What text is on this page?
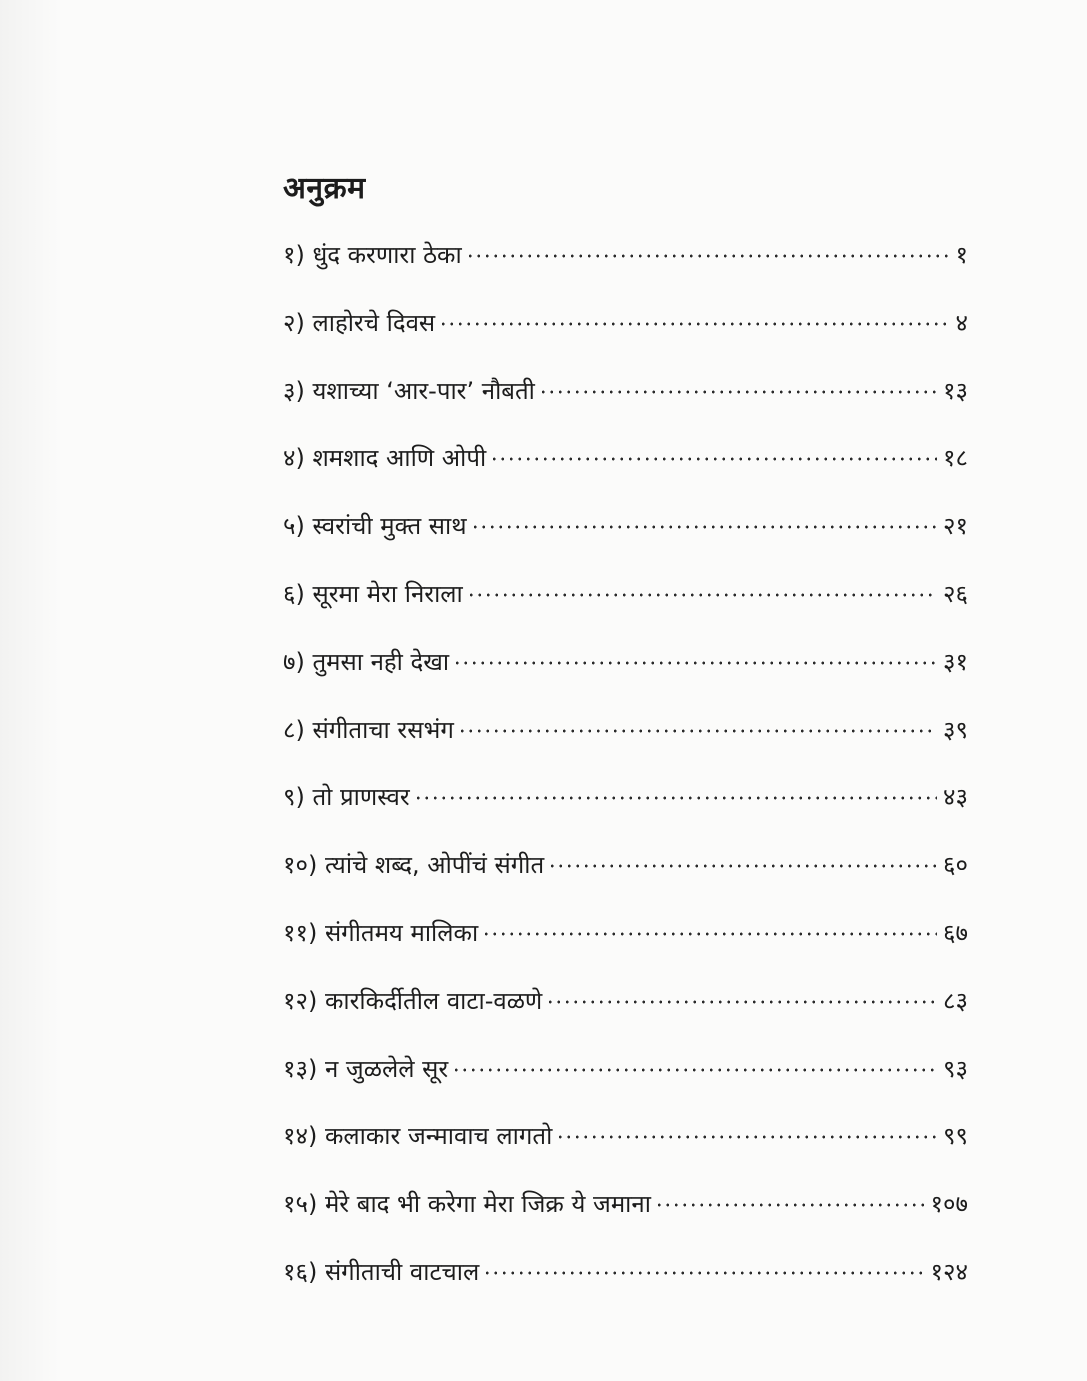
अनुक्रम
१) धुंद करणारा ठेका	१
२) लाहोरचे दिवस	४
३) यशाच्या ‘आर-पार’ नौबती	१३
४) शमशाद आणि ओपी	१८
५) स्वरांची मुक्त साथ	२१
६) सूरमा मेरा निराला	२६
७) तुमसा नही देखा	३१
८) संगीताचा रसभंग	३९
९) तो प्राणस्वर	४३
१०) त्यांचे शब्द, ओपींचं संगीत	६०
११) संगीतमय मालिका	६७
१२) कारकिर्दीतील वाटा-वळणे	८३
१३) न जुळलेले सूर	९३
१४) कलाकार जन्मावाच लागतो	९९
१५) मेरे बाद भी करेगा मेरा जिक्र ये जमाना	१०७
१६) संगीताची वाटचाल	१२४
